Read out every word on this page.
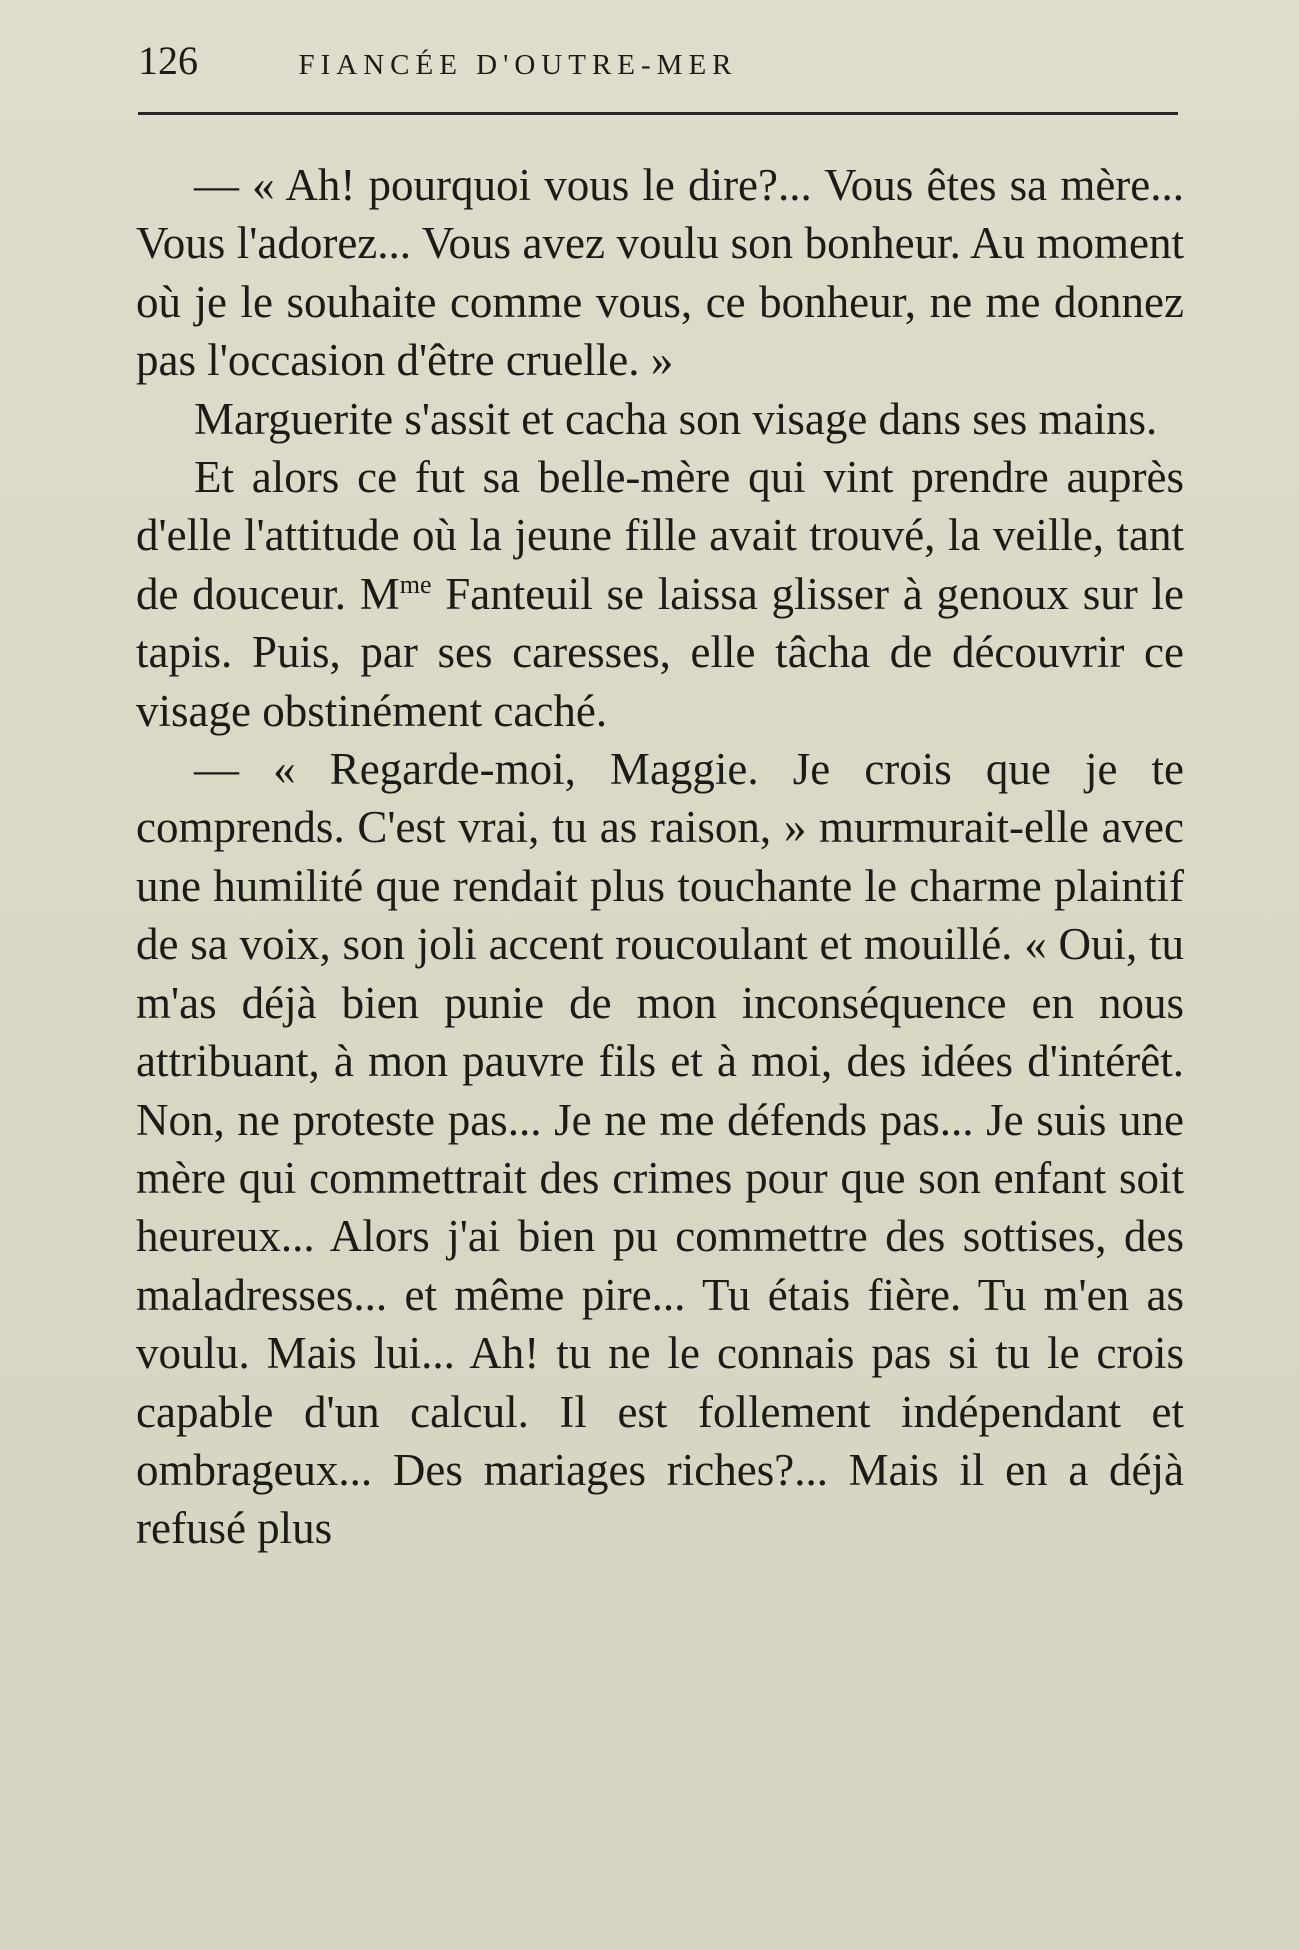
126	FIANCÉE D'OUTRE-MER

— « Ah! pourquoi vous le dire?... Vous êtes sa mère... Vous l'adorez... Vous avez voulu son bonheur. Au moment où je le souhaite comme vous, ce bonheur, ne me donnez pas l'occasion d'être cruelle. »

Marguerite s'assit et cacha son visage dans ses mains.

Et alors ce fut sa belle-mère qui vint prendre auprès d'elle l'attitude où la jeune fille avait trouvé, la veille, tant de douceur. $M^{me}$ Fanteuil se laissa glisser à genoux sur le tapis. Puis, par ses caresses, elle tâcha de découvrir ce visage obstinément caché.

— « Regarde-moi, Maggie. Je crois que je te comprends. C'est vrai, tu as raison, » murmurait-elle avec une humilité que rendait plus touchante le charme plaintif de sa voix, son joli accent roucoulant et mouillé. « Oui, tu m'as déjà bien punie de mon inconséquence en nous attribuant, à mon pauvre fils et à moi, des idées d'intérêt. Non, ne proteste pas... Je ne me défends pas... Je suis une mère qui commettrait des crimes pour que son enfant soit heureux... Alors j'ai bien pu commettre des sottises, des maladresses... et même pire... Tu étais fière. Tu m'en as voulu. Mais lui... Ah! tu ne le connais pas si tu le crois capable d'un calcul. Il est follement indépendant et ombrageux... Des mariages riches?... Mais il en a déjà refusé plus
